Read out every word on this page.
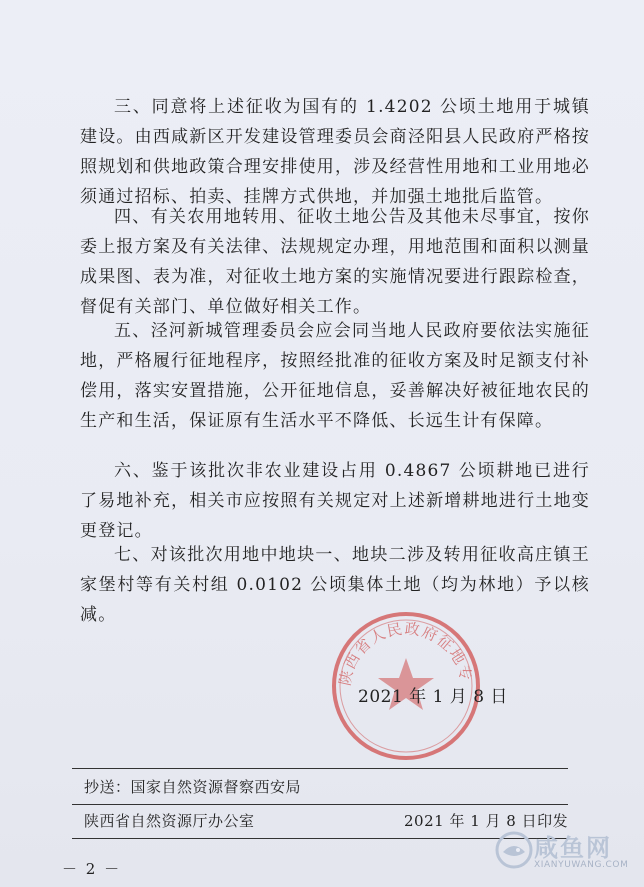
三、同意将上述征收为国有的 1.4202 公顷土地用于城镇建设。由西咸新区开发建设管理委员会商泾阳县人民政府严格按照规划和供地政策合理安排使用，涉及经营性用地和工业用地必须通过招标、拍卖、挂牌方式供地，并加强土地批后监管。

四、有关农用地转用、征收土地公告及其他未尽事宜，按你委上报方案及有关法律、法规规定办理，用地范围和面积以测量成果图、表为准，对征收土地方案的实施情况要进行跟踪检查，督促有关部门、单位做好相关工作。

五、泾河新城管理委员会应会同当地人民政府要依法实施征地，严格履行征地程序，按照经批准的征收方案及时足额支付补偿用，落实安置措施，公开征地信息，妥善解决好被征地农民的生产和生活，保证原有生活水平不降低、长远生计有保障。

六、鉴于该批次非农业建设占用 0.4867 公顷耕地已进行了易地补充，相关市应按照有关规定对上述新增耕地进行土地变更登记。

七、对该批次用地中地块一、地块二涉及转用征收高庄镇王家堡村等有关村组 0.0102 公顷集体土地（均为林地）予以核减。

陕西省人民政府征地专
2021 年 1 月 8 日
抄送：国家自然资源督察西安局
陕西省自然资源厅办公室	2021 年 1 月 8 日印发
－ 2 －
咸鱼网
XIANYUWANG.COM
